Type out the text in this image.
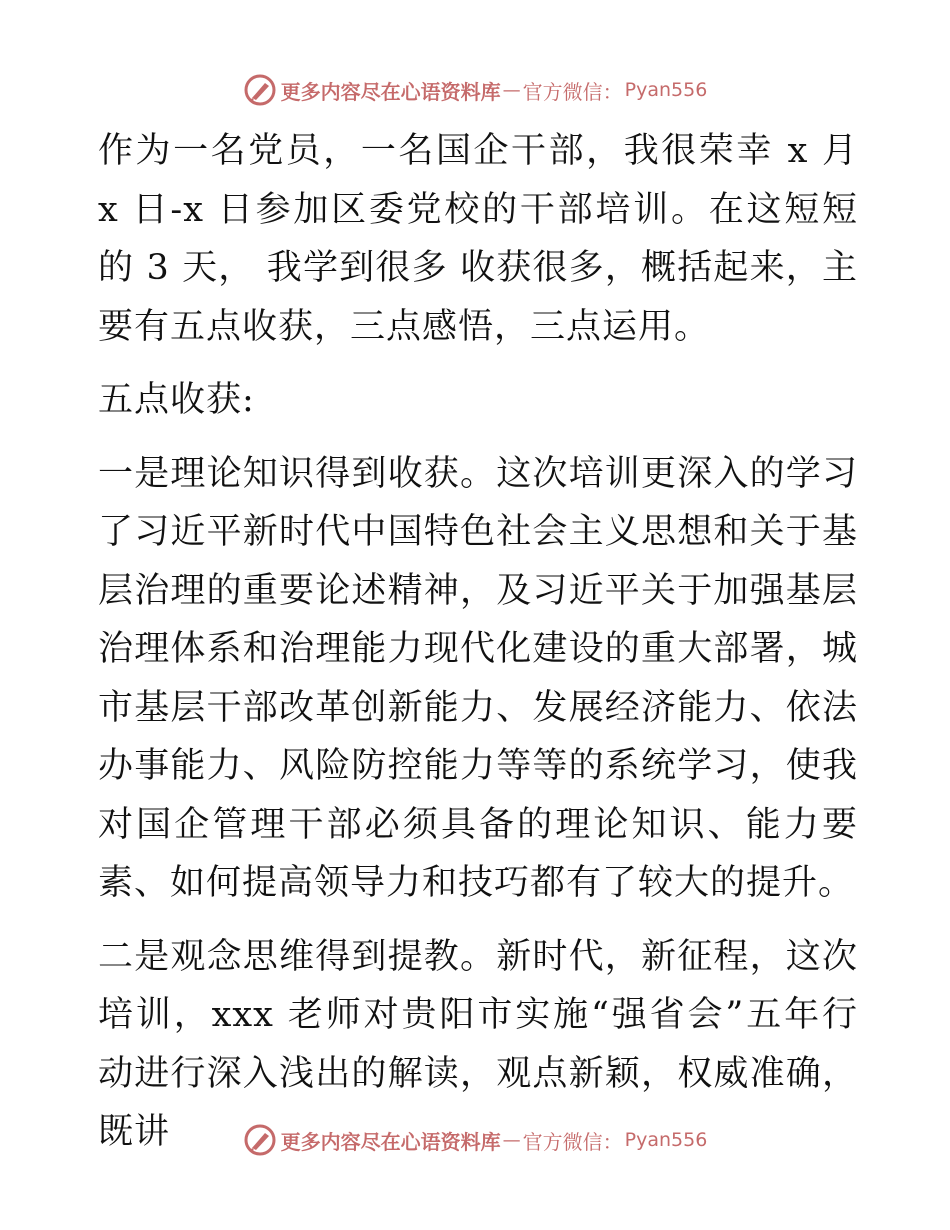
更多内容尽在心语资料库 — 官方微信： Pyan556

作为一名党员，一名国企干部，我很荣幸 x 月 x 日-x 日参加区委党校的干部培训。在这短短的 3 天， 我学到很多 收获很多，概括起来，主要有五点收获，三点感悟，三点运用。

五点收获:

一是理论知识得到收获。这次培训更深入的学习了习近平新时代中国特色社会主义思想和关于基层治理的重要论述精神，及习近平关于加强基层治理体系和治理能力现代化建设的重大部署，城市基层干部改革创新能力、发展经济能力、依法办事能力、风险防控能力等等的系统学习，使我对国企管理干部必须具备的理论知识、能力要素、如何提高领导力和技巧都有了较大的提升。

二是观念思维得到提教。新时代，新征程，这次培训，xxx 老师对贵阳市实施“强省会”五年行动进行深入浅出的解读，观点新颖，权威准确，既讲	更多内容尽在心语资料库 — 官方微信： Pyan556
